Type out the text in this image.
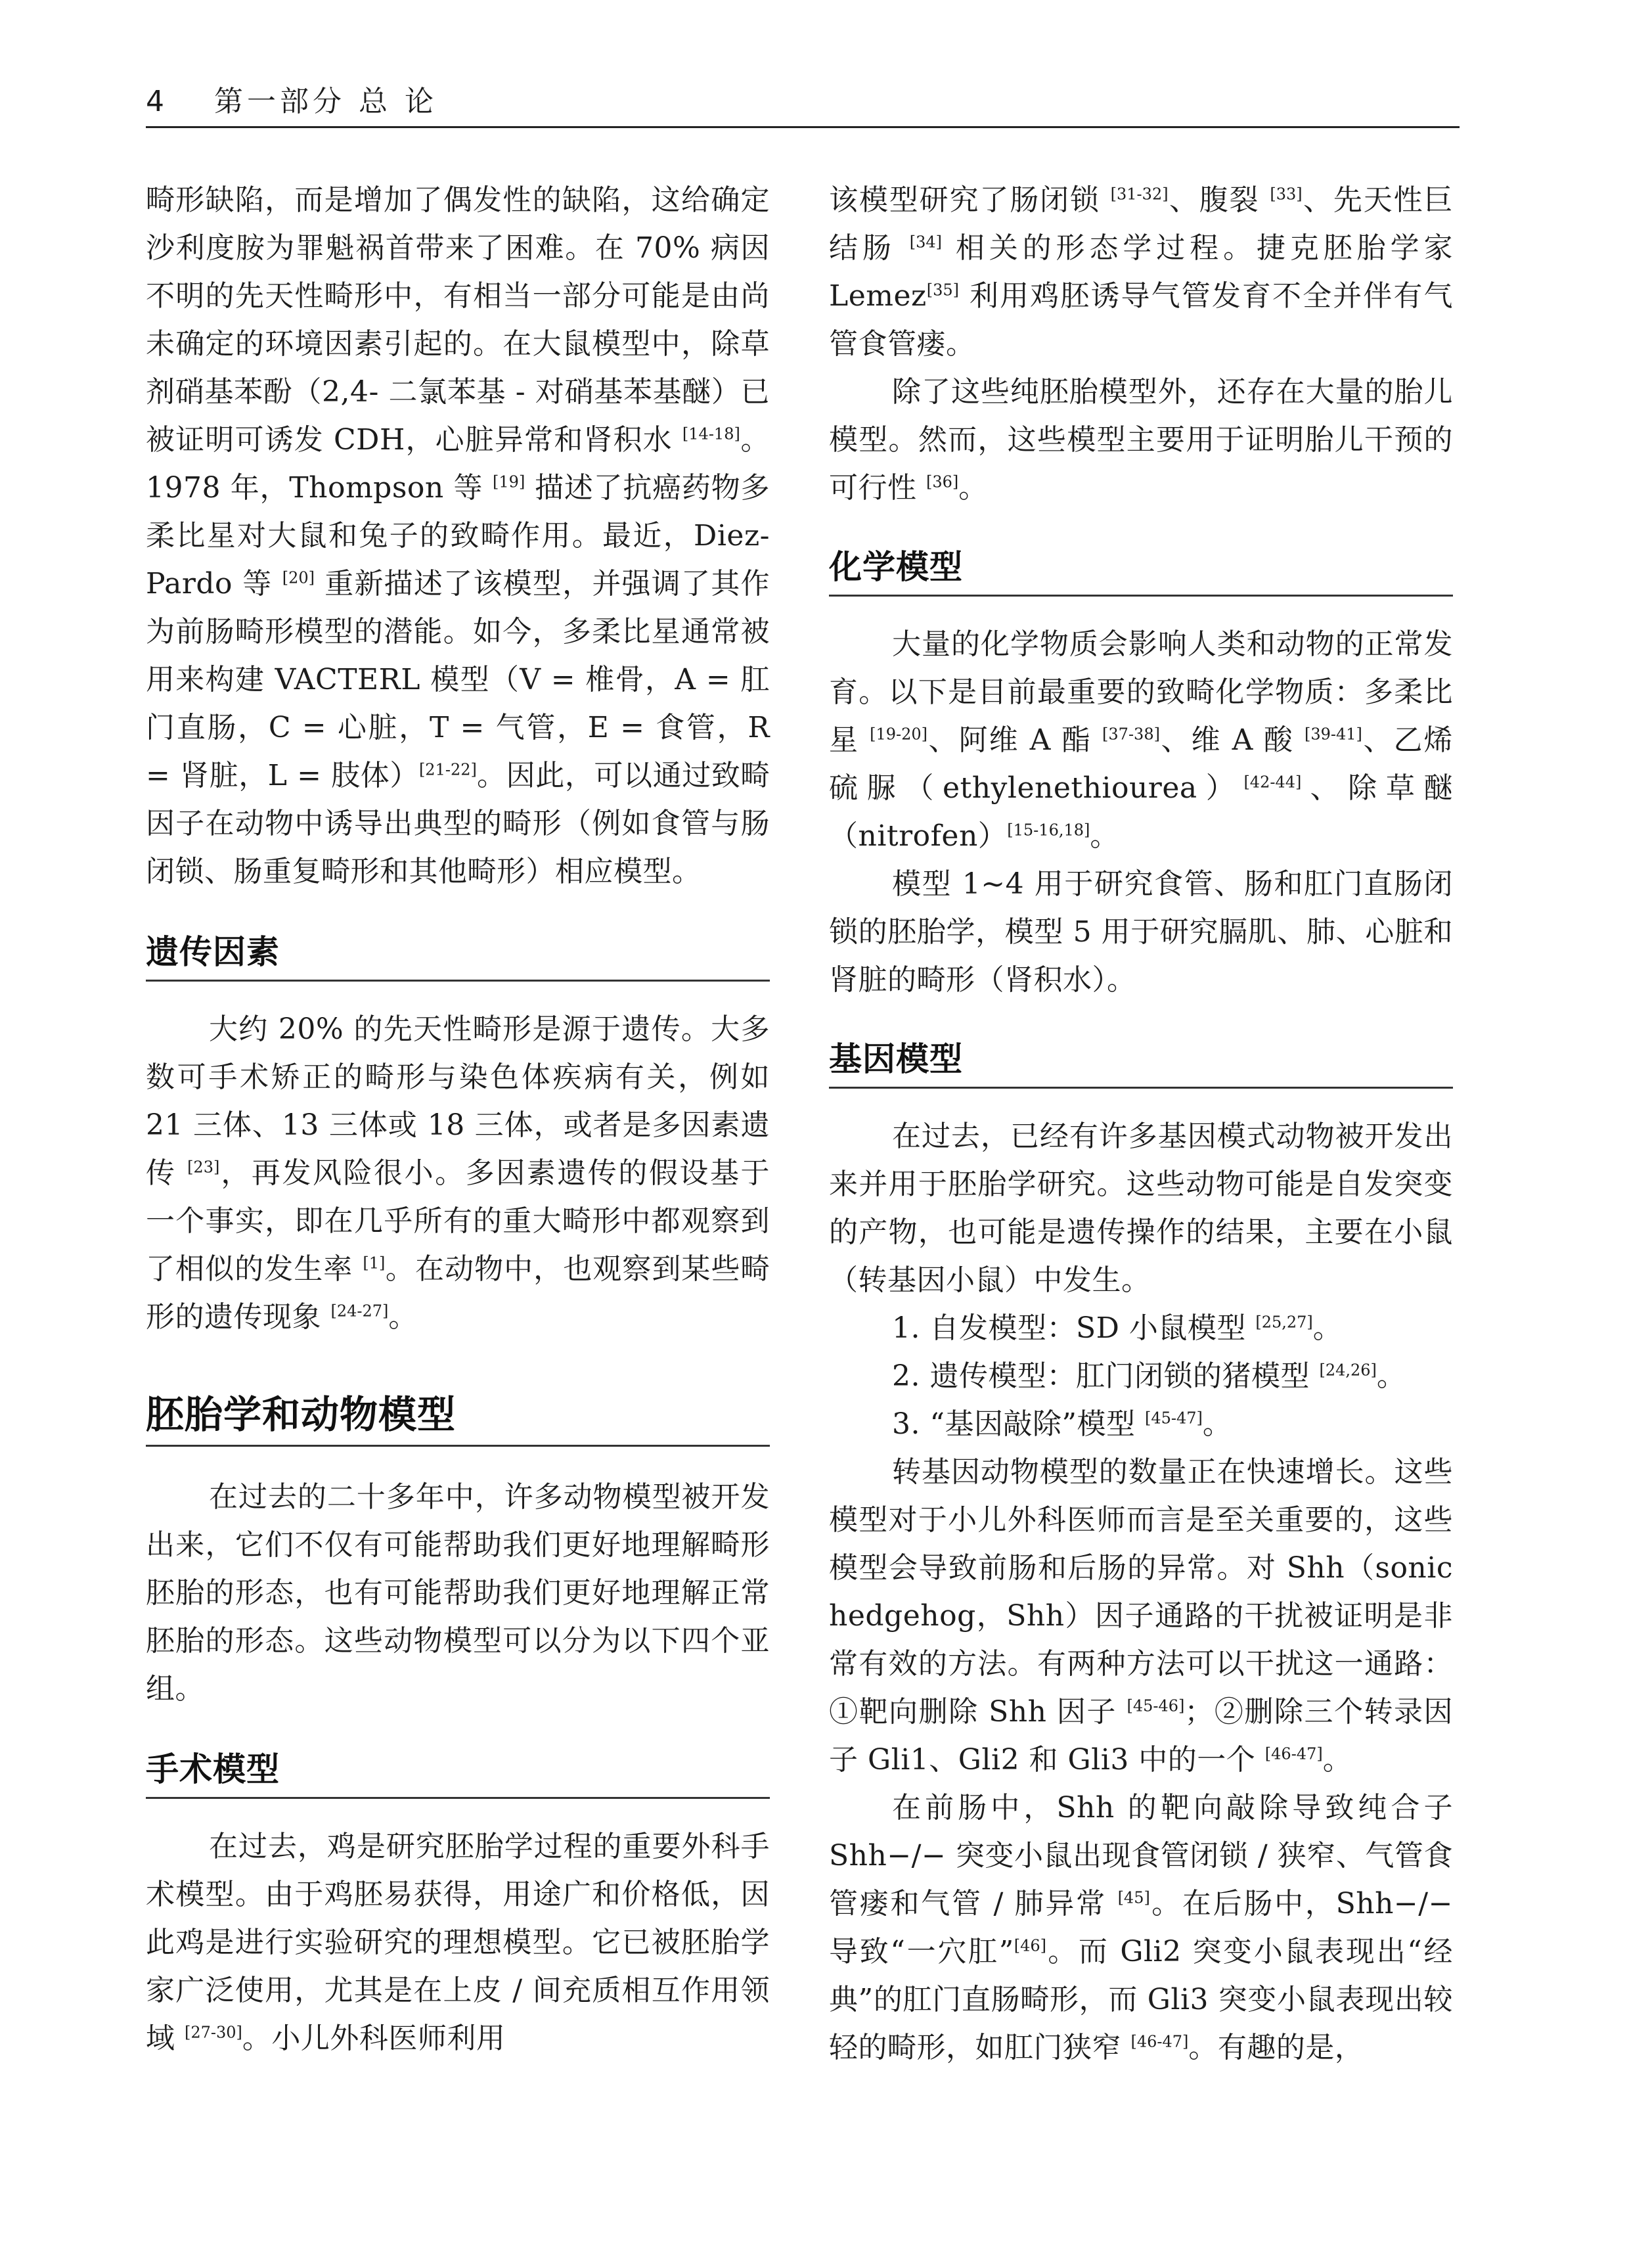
4 第一部分 总 论

畸形缺陷，而是增加了偶发性的缺陷，这给确定沙利度胺为罪魁祸首带来了困难。在 70% 病因不明的先天性畸形中，有相当一部分可能是由尚未确定的环境因素引起的。在大鼠模型中，除草剂硝基苯酚（2,4- 二氯苯基 - 对硝基苯基醚）已被证明可诱发 CDH，心脏异常和肾积水 [14-18]。1978 年，Thompson 等 [19] 描述了抗癌药物多柔比星对大鼠和兔子的致畸作用。最近，Diez-Pardo 等 [20] 重新描述了该模型，并强调了其作为前肠畸形模型的潜能。如今，多柔比星通常被用来构建 VACTERL 模型（V = 椎骨，A = 肛门直肠，C = 心脏，T = 气管，E = 食管，R = 肾脏，L = 肢体）[21-22]。因此，可以通过致畸因子在动物中诱导出典型的畸形（例如食管与肠闭锁、肠重复畸形和其他畸形）相应模型。

遗传因素

大约 20% 的先天性畸形是源于遗传。大多数可手术矫正的畸形与染色体疾病有关，例如 21 三体、13 三体或 18 三体，或者是多因素遗传 [23]，再发风险很小。多因素遗传的假设基于一个事实，即在几乎所有的重大畸形中都观察到了相似的发生率 [1]。在动物中，也观察到某些畸形的遗传现象 [24-27]。

胚胎学和动物模型

在过去的二十多年中，许多动物模型被开发出来，它们不仅有可能帮助我们更好地理解畸形胚胎的形态，也有可能帮助我们更好地理解正常胚胎的形态。这些动物模型可以分为以下四个亚组。

手术模型

在过去，鸡是研究胚胎学过程的重要外科手术模型。由于鸡胚易获得，用途广和价格低，因此鸡是进行实验研究的理想模型。它已被胚胎学家广泛使用，尤其是在上皮 / 间充质相互作用领域 [27-30]。小儿外科医师利用

该模型研究了肠闭锁 [31-32]、腹裂 [33]、先天性巨结肠 [34] 相关的形态学过程。捷克胚胎学家 Lemez[35] 利用鸡胚诱导气管发育不全并伴有气管食管瘘。

除了这些纯胚胎模型外，还存在大量的胎儿模型。然而，这些模型主要用于证明胎儿干预的可行性 [36]。

化学模型

大量的化学物质会影响人类和动物的正常发育。以下是目前最重要的致畸化学物质：多柔比星 [19-20]、阿维 A 酯 [37-38]、维 A 酸 [39-41]、乙烯硫脲（ethylenethiourea）[42-44]、除草醚（nitrofen）[15-16,18]。

模型 1~4 用于研究食管、肠和肛门直肠闭锁的胚胎学，模型 5 用于研究膈肌、肺、心脏和肾脏的畸形（肾积水）。

基因模型

在过去，已经有许多基因模式动物被开发出来并用于胚胎学研究。这些动物可能是自发突变的产物，也可能是遗传操作的结果，主要在小鼠（转基因小鼠）中发生。

1. 自发模型：SD 小鼠模型 [25,27]。

2. 遗传模型：肛门闭锁的猪模型 [24,26]。

3. “基因敲除”模型 [45-47]。

转基因动物模型的数量正在快速增长。这些模型对于小儿外科医师而言是至关重要的，这些模型会导致前肠和后肠的异常。对 Shh（sonic hedgehog，Shh）因子通路的干扰被证明是非常有效的方法。有两种方法可以干扰这一通路：①靶向删除 Shh 因子 [45-46]；②删除三个转录因子 Gli1、Gli2 和 Gli3 中的一个 [46-47]。

在前肠中，Shh 的靶向敲除导致纯合子 Shh−/− 突变小鼠出现食管闭锁 / 狭窄、气管食管瘘和气管 / 肺异常 [45]。在后肠中，Shh−/− 导致“一穴肛”[46]。而 Gli2 突变小鼠表现出“经典”的肛门直肠畸形，而 Gli3 突变小鼠表现出较轻的畸形，如肛门狭窄 [46-47]。有趣的是，
